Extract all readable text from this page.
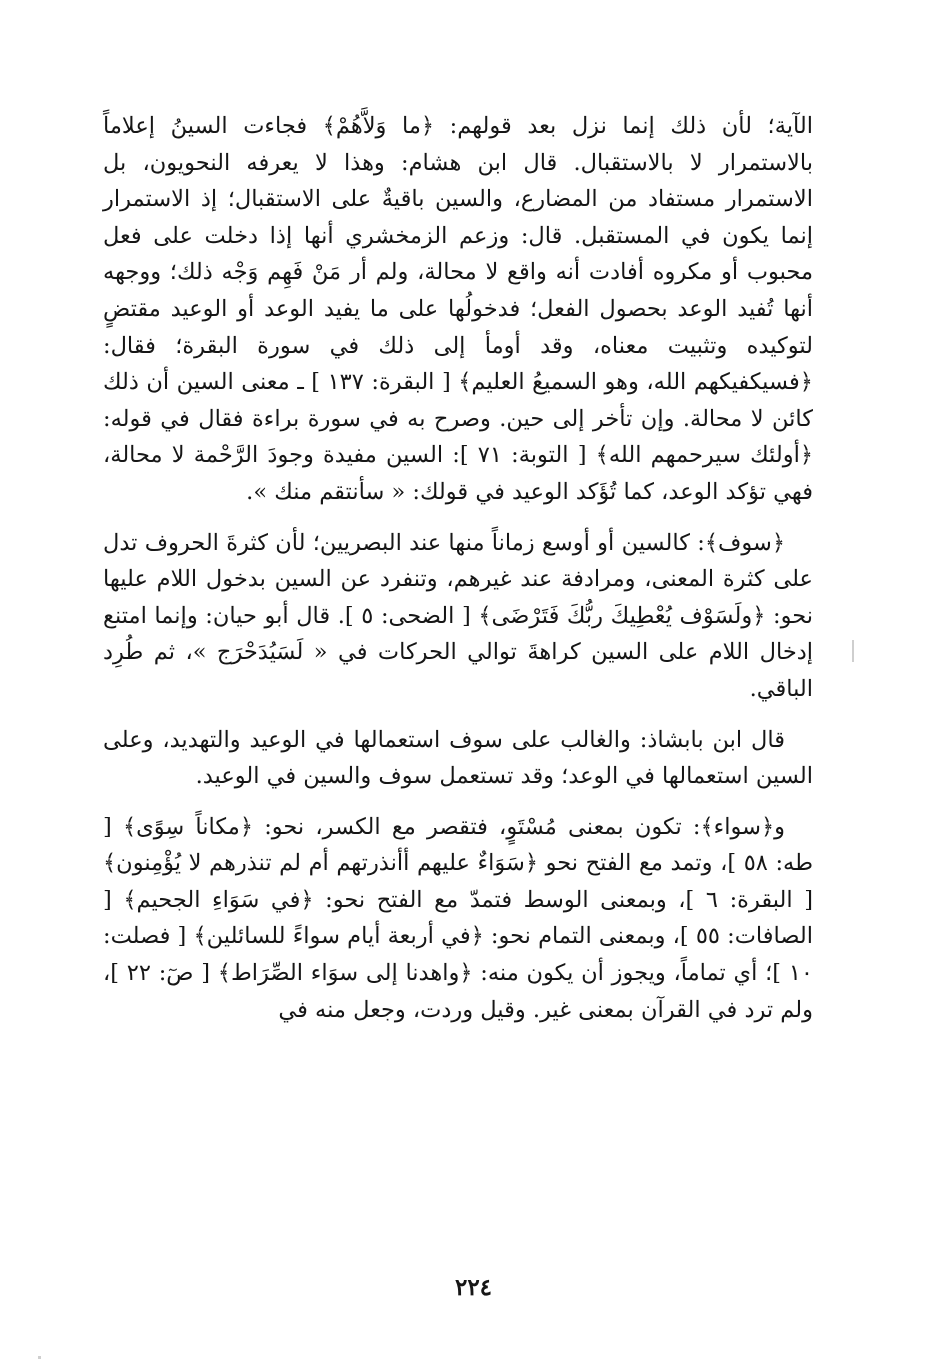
الآية؛ لأن ذلك إنما نزل بعد قولهم: ﴿ما وَلاَّهُمْ﴾ فجاءت السينُ إعلاماً بالاستمرار لا بالاستقبال. قال ابن هشام: وهذا لا يعرفه النحويون، بل الاستمرار مستفاد من المضارع، والسين باقيةٌ على الاستقبال؛ إذ الاستمرار إنما يكون في المستقبل. قال: وزعم الزمخشري أنها إذا دخلت على فعل محبوب أو مكروه أفادت أنه واقع لا محالة، ولم أر مَنْ فَهِم وَجْه ذلك؛ ووجهه أنها تُفيد الوعد بحصول الفعل؛ فدخولُها على ما يفيد الوعد أو الوعيد مقتضٍ لتوكيده وتثبيت معناه، وقد أومأ إلى ذلك في سورة البقرة؛ فقال: ﴿فسيكفيكهم الله، وهو السميعُ العليم﴾ [ البقرة: ١٣٧ ] ـ معنى السين أن ذلك كائن لا محالة. وإن تأخر إلى حين. وصرح به في سورة براءة فقال في قوله: ﴿أولئك سيرحمهم الله﴾ [ التوبة: ٧١ ]: السين مفيدة وجودَ الرَّحْمة لا محالة، فهي تؤكد الوعد، كما تُؤَكد الوعيد في قولك: « سأنتقم منك ».

﴿سوف﴾: كالسين أو أوسع زماناً منها عند البصريين؛ لأن كثرةَ الحروف تدل على كثرة المعنى، ومرادفة عند غيرهم، وتنفرد عن السين بدخول اللام عليها نحو: ﴿ولَسَوْف يُعْطِيكَ ربُّكَ فَتَرْضَى﴾ [ الضحى: ٥ ]. قال أبو حيان: وإنما امتنع إدخال اللام على السين كراهةَ توالي الحركات في « لَسَيُدَحْرَج »، ثم طُرِد الباقي.

قال ابن بابشاذ: والغالب على سوف استعمالها في الوعيد والتهديد، وعلى السين استعمالها في الوعد؛ وقد تستعمل سوف والسين في الوعيد.

و﴿سواء﴾: تكون بمعنى مُسْتَوٍ، فتقصر مع الكسر، نحو: ﴿مكاناً سِوًى﴾ [ طه: ٥٨ ]، وتمد مع الفتح نحو ﴿سَوَاءٌ عليهم أأنذرتهم أم لم تنذرهم لا يُؤْمِنون﴾ [ البقرة: ٦ ]، وبمعنى الوسط فتمدّ مع الفتح نحو: ﴿في سَوَاءِ الجحيم﴾ [ الصافات: ٥٥ ]، وبمعنى التمام نحو: ﴿في أربعة أيام سواءً للسائلين﴾ [ فصلت: ١٠ ]؛ أي تماماً، ويجوز أن يكون منه: ﴿واهدنا إلى سوَاء الصِّرَاط﴾ [ صٓ: ٢٢ ]، ولم ترد في القرآن بمعنى غير. وقيل وردت، وجعل منه في

٢٢٤
